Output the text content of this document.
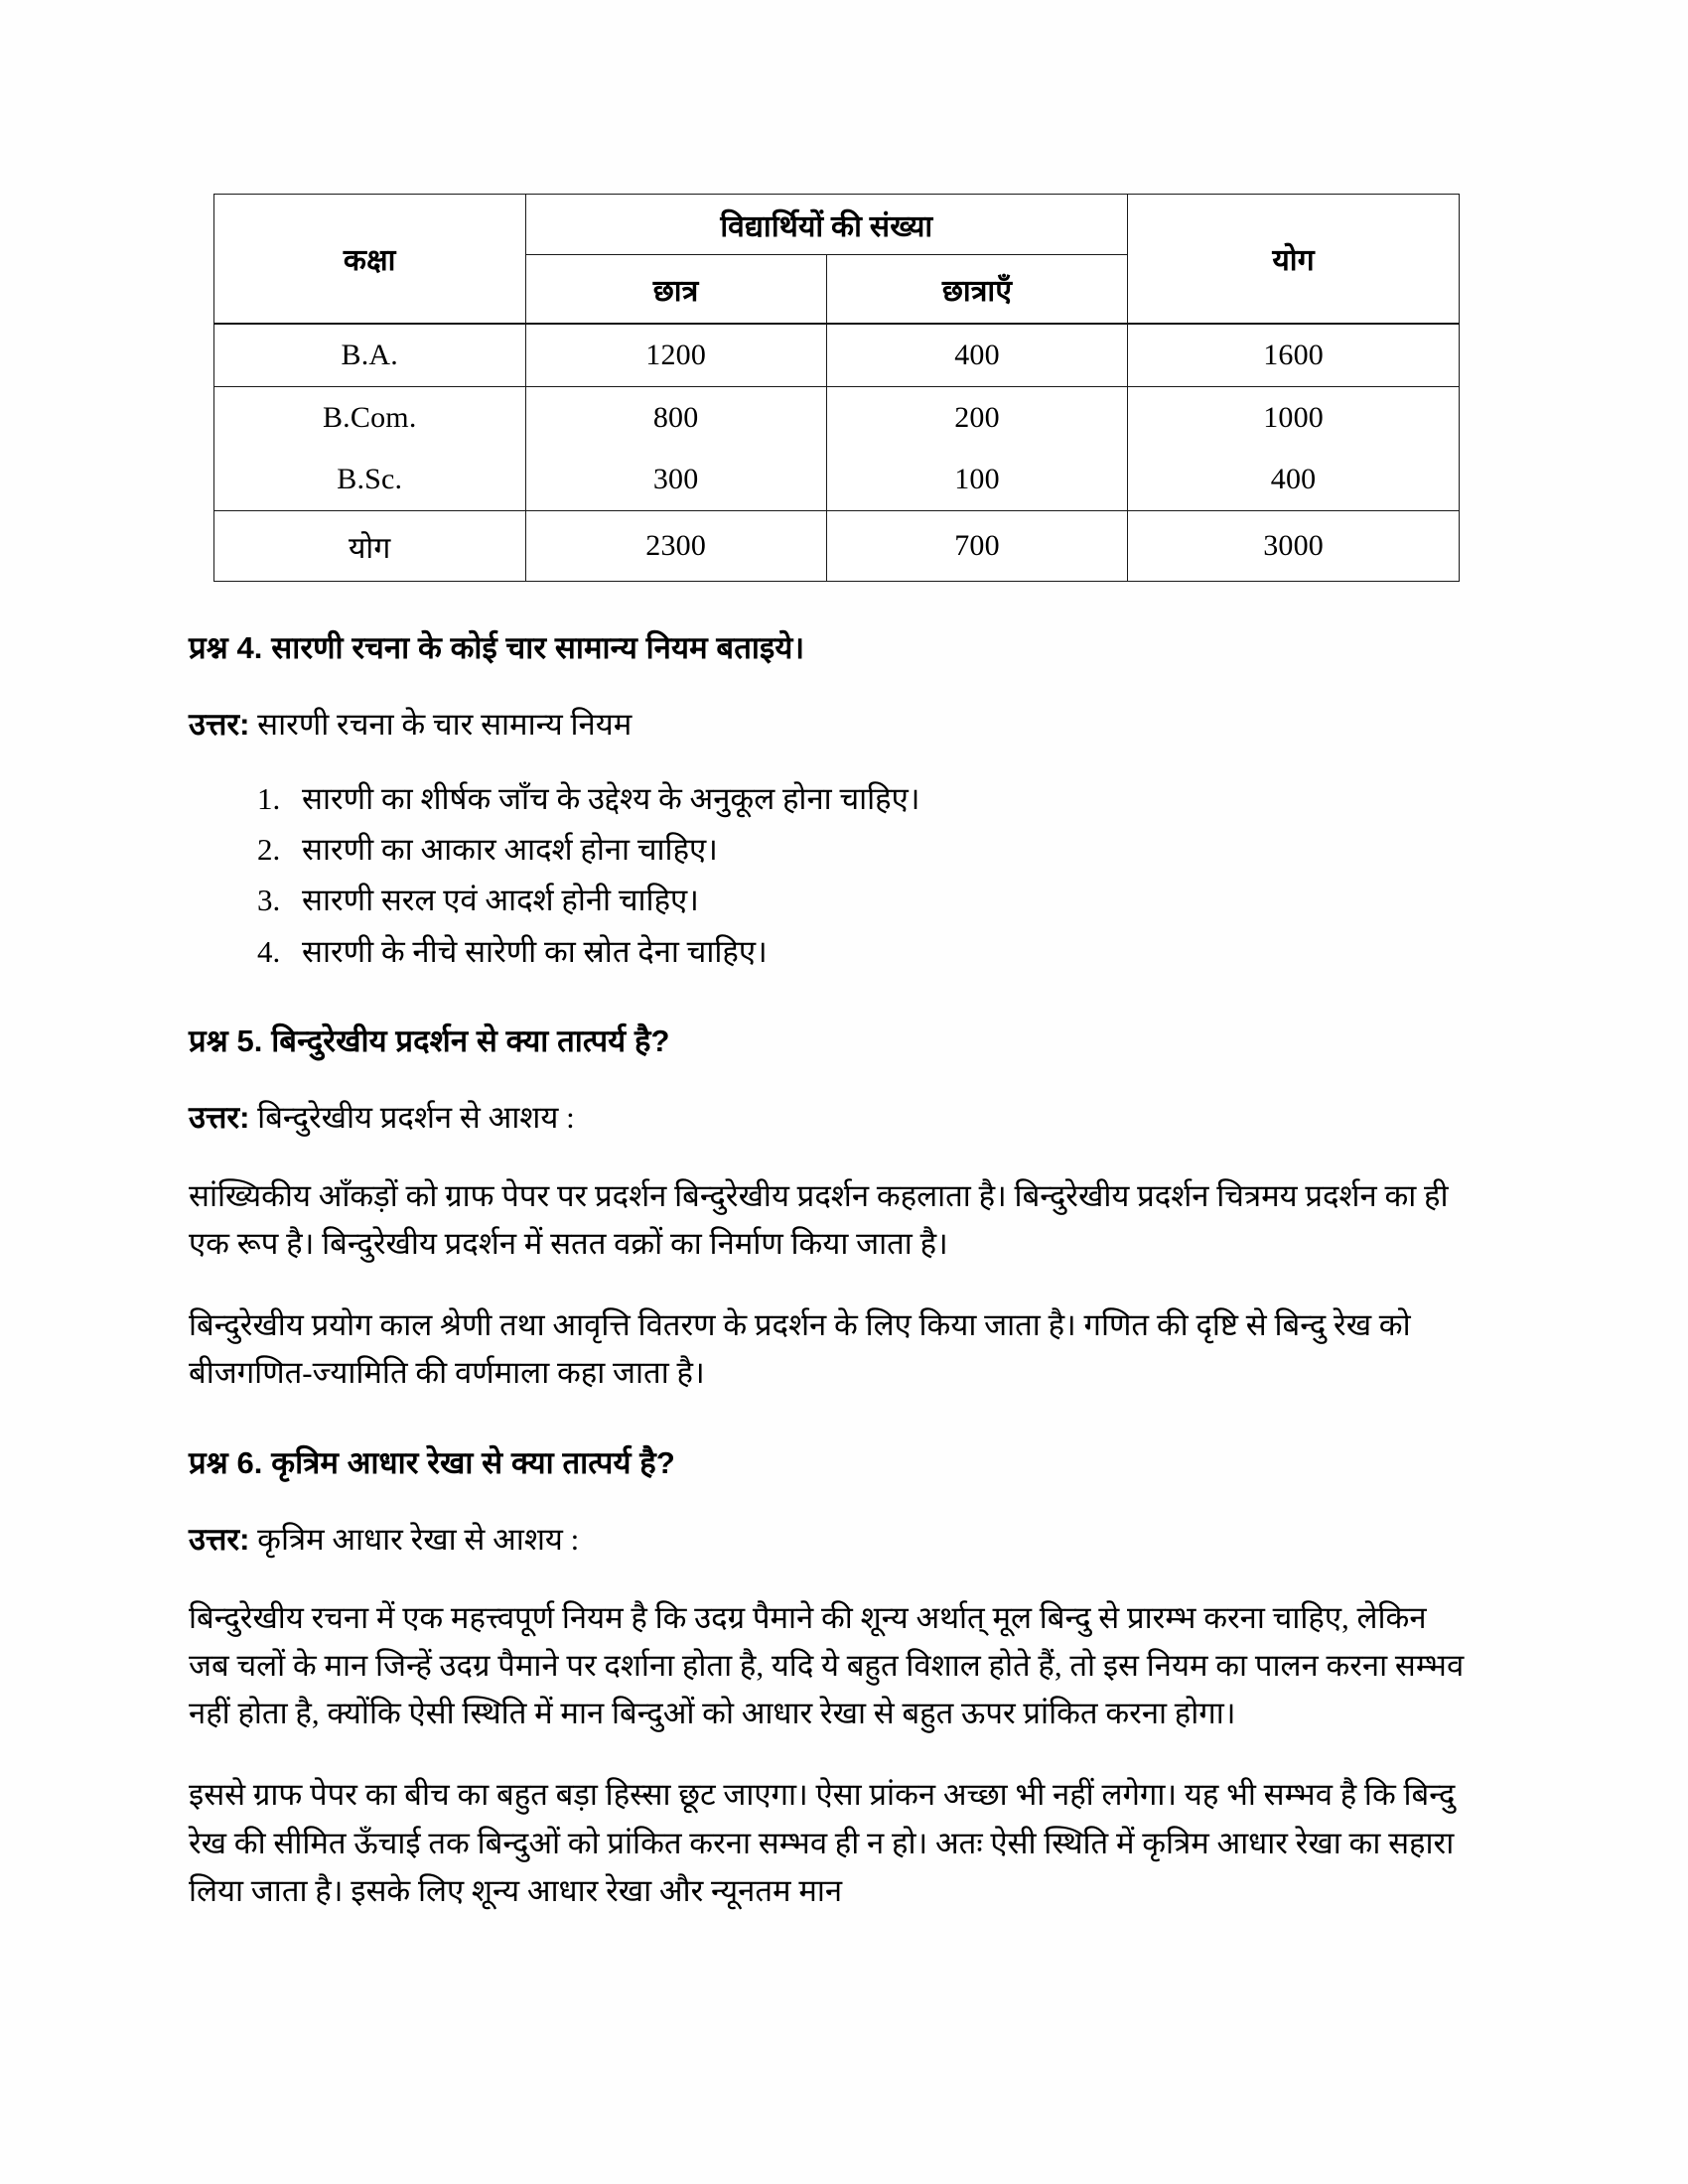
कक्षा	विद्यार्थियों की संख्या		योग
	छात्र	छात्राएँ	
B.A.	1200	400	1600
B.Com.	800	200	1000
B.Sc.	300	100	400
योग	2300	700	3000
प्रश्न 4. सारणी रचना के कोई चार सामान्य नियम बताइये।
उत्तर: सारणी रचना के चार सामान्य नियम
1. सारणी का शीर्षक जाँच के उद्देश्य के अनुकूल होना चाहिए।
2. सारणी का आकार आदर्श होना चाहिए।
3. सारणी सरल एवं आदर्श होनी चाहिए।
4. सारणी के नीचे सारेणी का स्रोत देना चाहिए।
प्रश्न 5. बिन्दुरेखीय प्रदर्शन से क्या तात्पर्य है?
उत्तर: बिन्दुरेखीय प्रदर्शन से आशय :

सांख्यिकीय आँकड़ों को ग्राफ पेपर पर प्रदर्शन बिन्दुरेखीय प्रदर्शन कहलाता है। बिन्दुरेखीय प्रदर्शन चित्रमय प्रदर्शन का ही एक रूप है। बिन्दुरेखीय प्रदर्शन में सतत वक्रों का निर्माण किया जाता है।

बिन्दुरेखीय प्रयोग काल श्रेणी तथा आवृत्ति वितरण के प्रदर्शन के लिए किया जाता है। गणित की दृष्टि से बिन्दु रेख को बीजगणित-ज्यामिति की वर्णमाला कहा जाता है।

प्रश्न 6. कृत्रिम आधार रेखा से क्या तात्पर्य है?
उत्तर: कृत्रिम आधार रेखा से आशय :

बिन्दुरेखीय रचना में एक महत्त्वपूर्ण नियम है कि उदग्र पैमाने की शून्य अर्थात् मूल बिन्दु से प्रारम्भ करना चाहिए, लेकिन जब चलों के मान जिन्हें उदग्र पैमाने पर दर्शाना होता है, यदि ये बहुत विशाल होते हैं, तो इस नियम का पालन करना सम्भव नहीं होता है, क्योंकि ऐसी स्थिति में मान बिन्दुओं को आधार रेखा से बहुत ऊपर प्रांकित करना होगा।

इससे ग्राफ पेपर का बीच का बहुत बड़ा हिस्सा छूट जाएगा। ऐसा प्रांकन अच्छा भी नहीं लगेगा। यह भी सम्भव है कि बिन्दु रेख की सीमित ऊँचाई तक बिन्दुओं को प्रांकित करना सम्भव ही न हो। अतः ऐसी स्थिति में कृत्रिम आधार रेखा का सहारा लिया जाता है। इसके लिए शून्य आधार रेखा और न्यूनतम मान
